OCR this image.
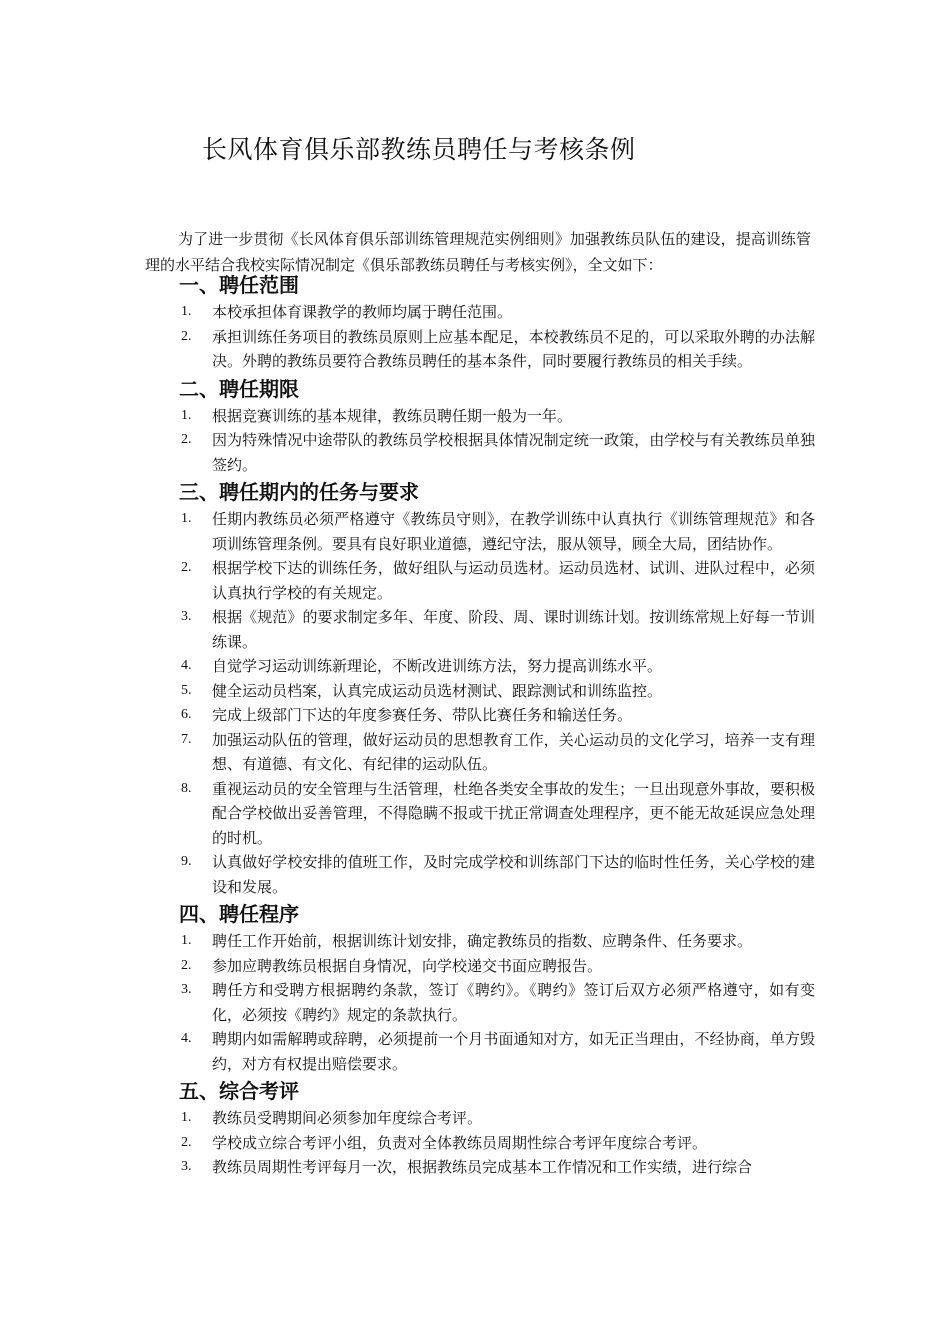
长风体育俱乐部教练员聘任与考核条例
为了进一步贯彻《长风体育俱乐部训练管理规范实例细则》加强教练员队伍的建设，提高训练管理的水平结合我校实际情况制定《俱乐部教练员聘任与考核实例》，全文如下：
一、聘任范围
1.	本校承担体育课教学的教师均属于聘任范围。
2.	承担训练任务项目的教练员原则上应基本配足，本校教练员不足的，可以采取外聘的办法解决。外聘的教练员要符合教练员聘任的基本条件，同时要履行教练员的相关手续。
二、聘任期限
1.	根据竞赛训练的基本规律，教练员聘任期一般为一年。
2.	因为特殊情况中途带队的教练员学校根据具体情况制定统一政策，由学校与有关教练员单独签约。
三、聘任期内的任务与要求
1.	任期内教练员必须严格遵守《教练员守则》，在教学训练中认真执行《训练管理规范》和各项训练管理条例。要具有良好职业道德，遵纪守法，服从领导，顾全大局，团结协作。
2.	根据学校下达的训练任务，做好组队与运动员选材。运动员选材、试训、进队过程中，必须认真执行学校的有关规定。
3.	根据《规范》的要求制定多年、年度、阶段、周、课时训练计划。按训练常规上好每一节训练课。
4.	自觉学习运动训练新理论，不断改进训练方法，努力提高训练水平。
5.	健全运动员档案，认真完成运动员选材测试、跟踪测试和训练监控。
6.	完成上级部门下达的年度参赛任务、带队比赛任务和输送任务。
7.	加强运动队伍的管理，做好运动员的思想教育工作，关心运动员的文化学习，培养一支有理想、有道德、有文化、有纪律的运动队伍。
8.	重视运动员的安全管理与生活管理，杜绝各类安全事故的发生；一旦出现意外事故，要积极配合学校做出妥善管理，不得隐瞒不报或干扰正常调查处理程序，更不能无故延误应急处理的时机。
9.	认真做好学校安排的值班工作，及时完成学校和训练部门下达的临时性任务，关心学校的建设和发展。
四、聘任程序
1.	聘任工作开始前，根据训练计划安排，确定教练员的指数、应聘条件、任务要求。
2.	参加应聘教练员根据自身情况，向学校递交书面应聘报告。
3.	聘任方和受聘方根据聘约条款，签订《聘约》。《聘约》签订后双方必须严格遵守，如有变化，必须按《聘约》规定的条款执行。
4.	聘期内如需解聘或辞聘，必须提前一个月书面通知对方，如无正当理由，不经协商，单方毁约，对方有权提出赔偿要求。
五、综合考评
1.	教练员受聘期间必须参加年度综合考评。
2.	学校成立综合考评小组，负责对全体教练员周期性综合考评年度综合考评。
3.	教练员周期性考评每月一次，根据教练员完成基本工作情况和工作实绩，进行综合
